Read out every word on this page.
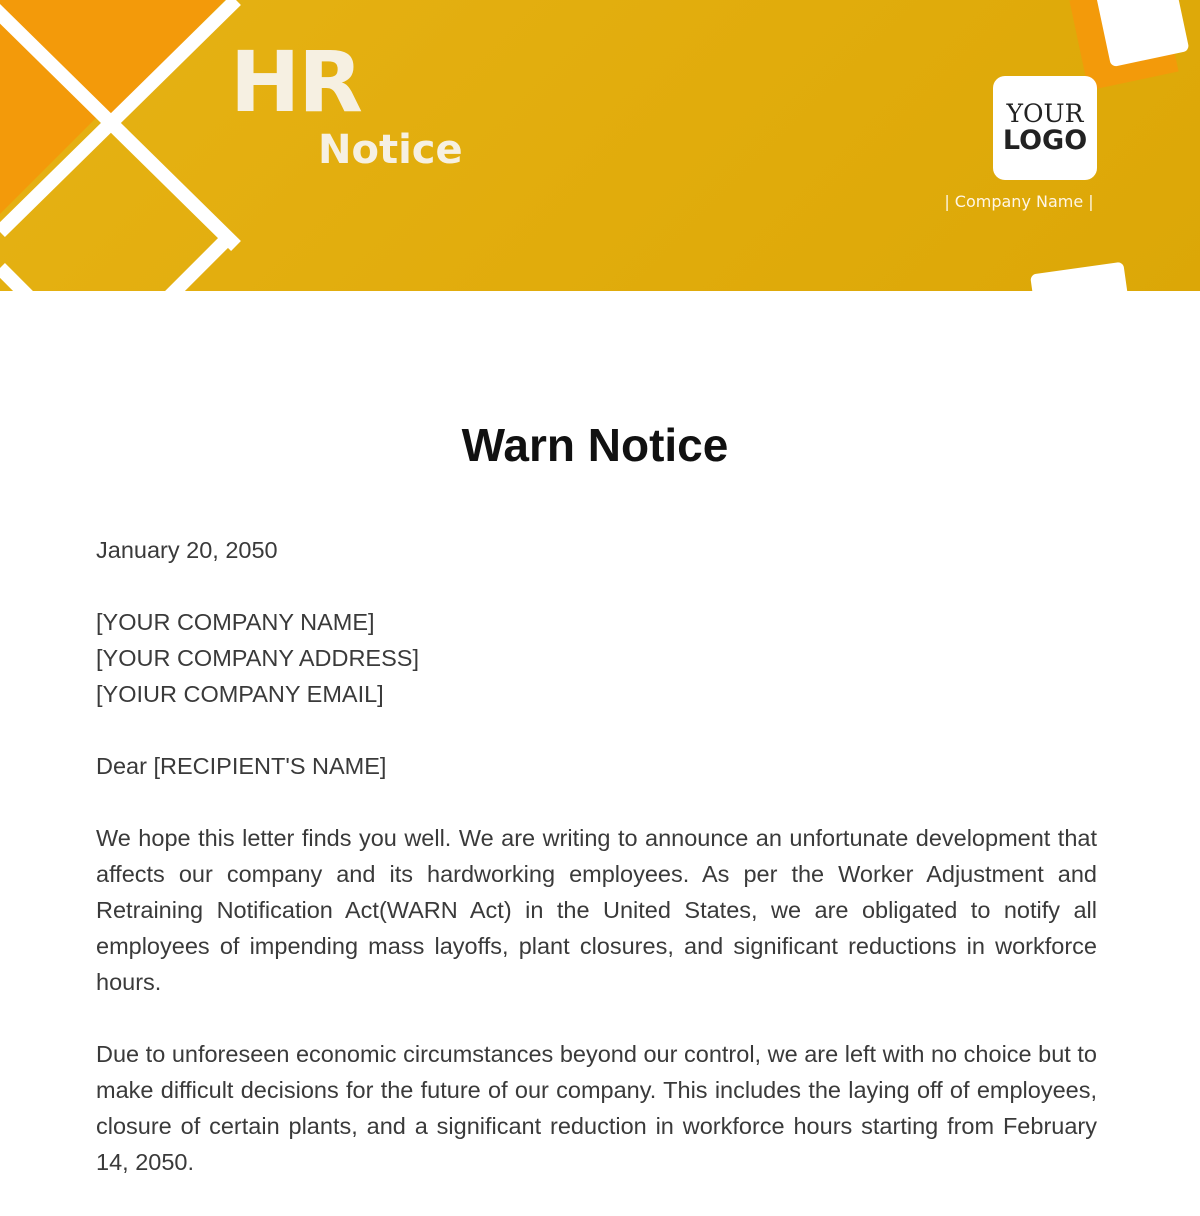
HR
Notice
YOUR
LOGO
| Company Name |
Warn Notice

January 20, 2050

[YOUR COMPANY NAME]
[YOUR COMPANY ADDRESS]
[YOIUR COMPANY EMAIL]

Dear [RECIPIENT'S NAME]

We hope this letter finds you well. We are writing to announce an unfortunate development that affects our company and its hardworking employees. As per the Worker Adjustment and Retraining Notification Act(WARN Act) in the United States, we are obligated to notify all employees of impending mass layoffs, plant closures, and significant reductions in workforce hours.

Due to unforeseen economic circumstances beyond our control, we are left with no choice but to make difficult decisions for the future of our company. This includes the laying off of employees, closure of certain plants, and a significant reduction in workforce hours starting from February 14, 2050.
